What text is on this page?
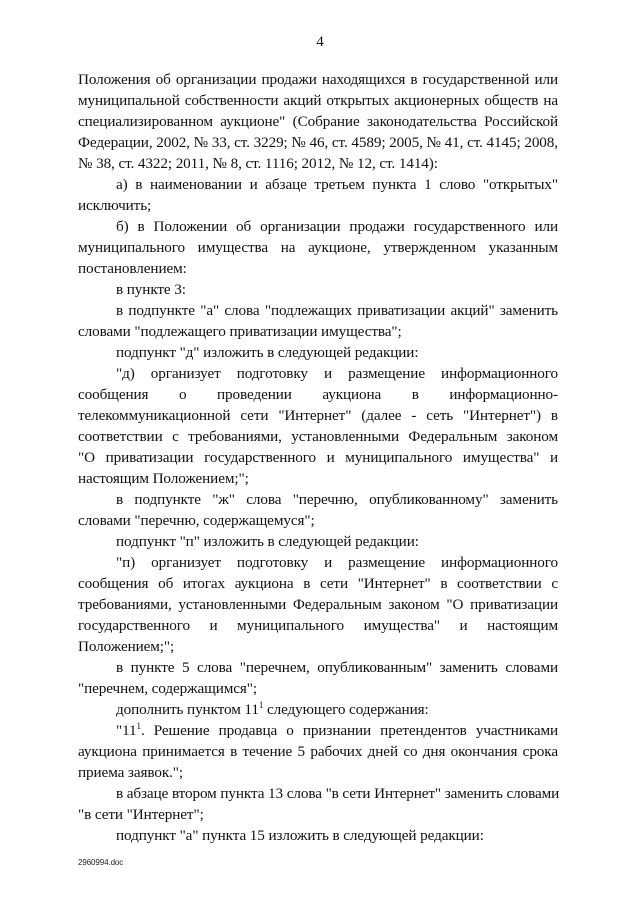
4
Положения об организации продажи находящихся в государственной или
муниципальной собственности акций открытых акционерных обществ на
специализированном аукционе" (Собрание законодательства Российской
Федерации, 2002, № 33, ст. 3229; № 46, ст. 4589; 2005, № 41, ст. 4145; 2008,
№ 38, ст. 4322; 2011, № 8, ст. 1116; 2012, № 12, ст. 1414):
а) в наименовании и абзаце третьем пункта 1 слово "открытых"
исключить;
б) в Положении об организации продажи государственного или
муниципального имущества на аукционе, утвержденном указанным
постановлением:
в пункте 3:
в подпункте "а" слова "подлежащих приватизации акций" заменить
словами "подлежащего приватизации имущества";
подпункт "д" изложить в следующей редакции:
"д) организует подготовку и размещение информационного
сообщения о проведении аукциона в информационно-
телекоммуникационной сети "Интернет" (далее - сеть "Интернет") в
соответствии с требованиями, установленными Федеральным законом
"О приватизации государственного и муниципального имущества" и
настоящим Положением;";
в подпункте "ж" слова "перечню, опубликованному" заменить
словами "перечню, содержащемуся";
подпункт "п" изложить в следующей редакции:
"п) организует подготовку и размещение информационного
сообщения об итогах аукциона в сети "Интернет" в соответствии с
требованиями, установленными Федеральным законом "О приватизации
государственного и муниципального имущества" и настоящим
Положением;";
в пункте 5 слова "перечнем, опубликованным" заменить словами
"перечнем, содержащимся";
дополнить пунктом $11^1$ следующего содержания:
"$11^1$. Решение продавца о признании претендентов участниками
аукциона принимается в течение 5 рабочих дней со дня окончания срока
приема заявок.";
в абзаце втором пункта 13 слова "в сети Интернет" заменить словами
"в сети "Интернет";
подпункт "а" пункта 15 изложить в следующей редакции:
2960994.doc
